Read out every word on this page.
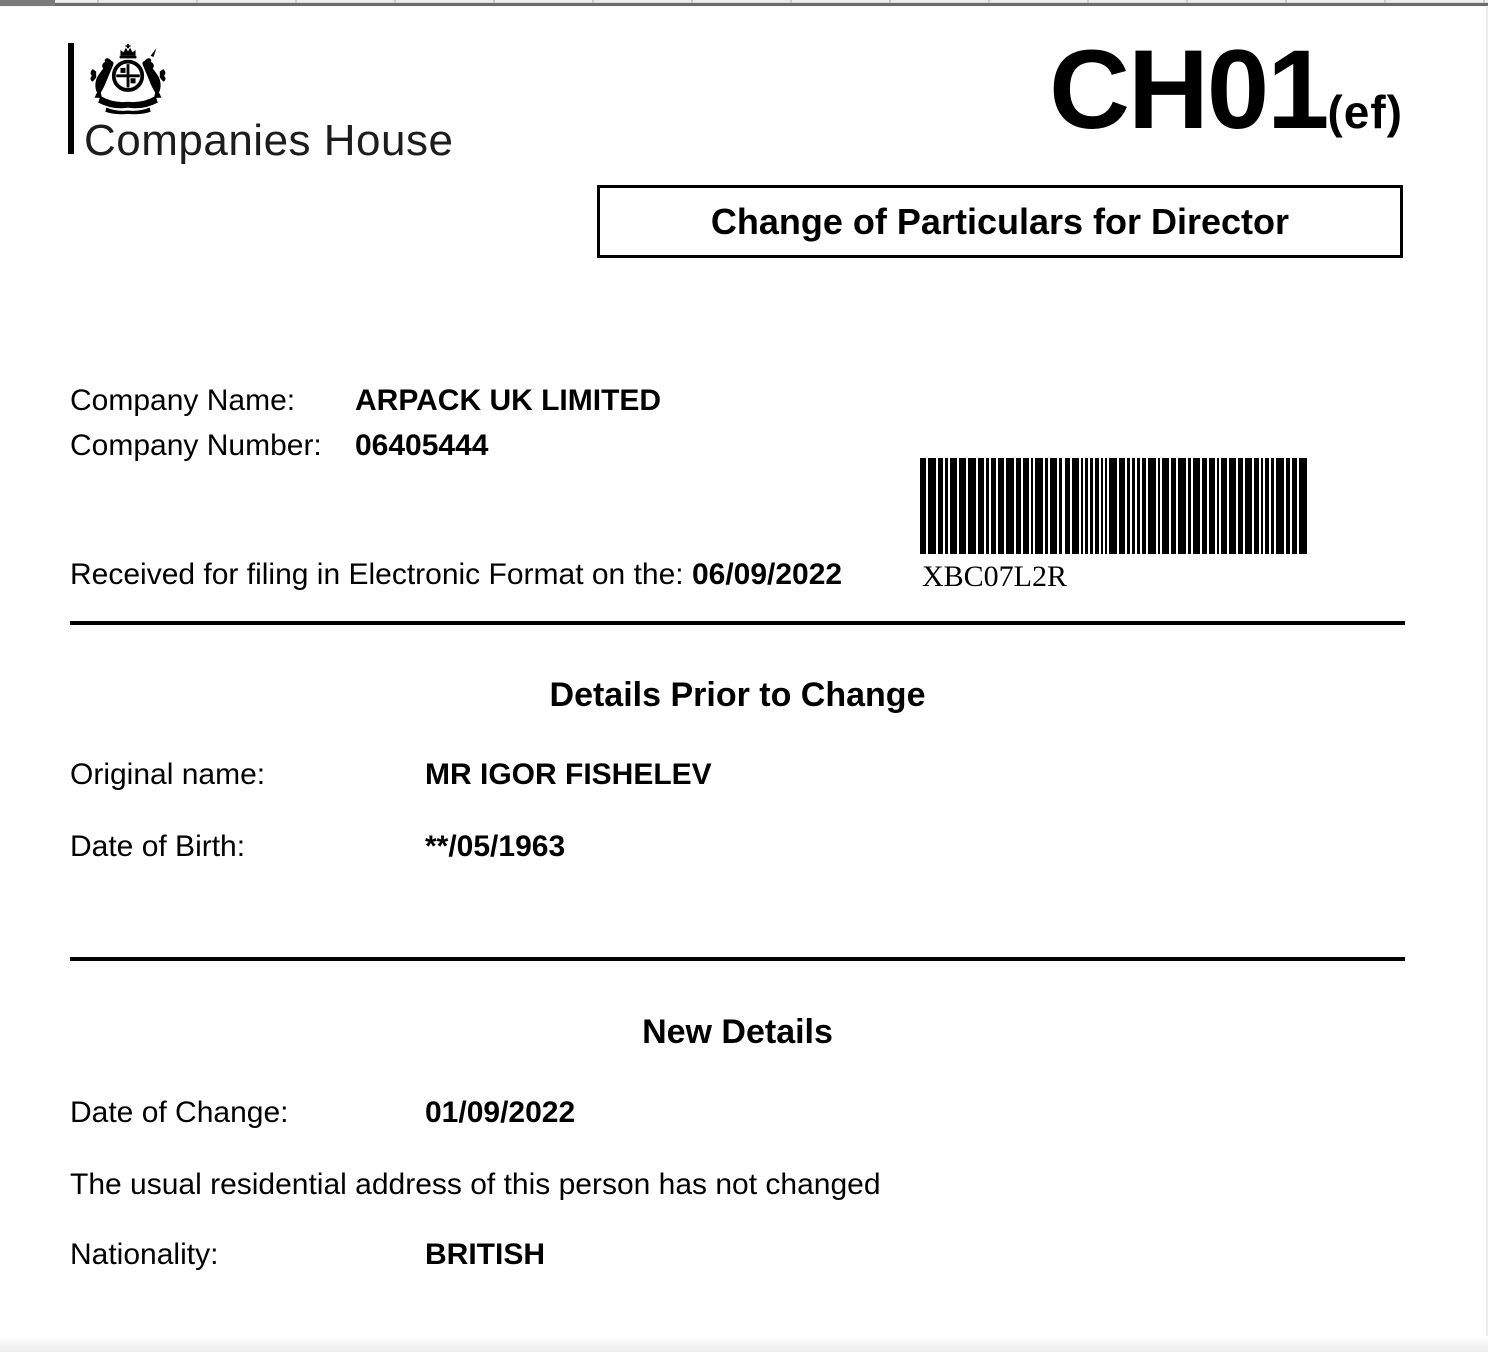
Companies House	CH01(ef)
Change of Particulars for Director
Company Name:	ARPACK UK LIMITED
Company Number:	06405444
XBC07L2R
Received for filing in Electronic Format on the: 06/09/2022
Details Prior to Change
Original name:	MR IGOR FISHELEV
Date of Birth:	**/05/1963
New Details
Date of Change:	01/09/2022
The usual residential address of this person has not changed
Nationality:	BRITISH
